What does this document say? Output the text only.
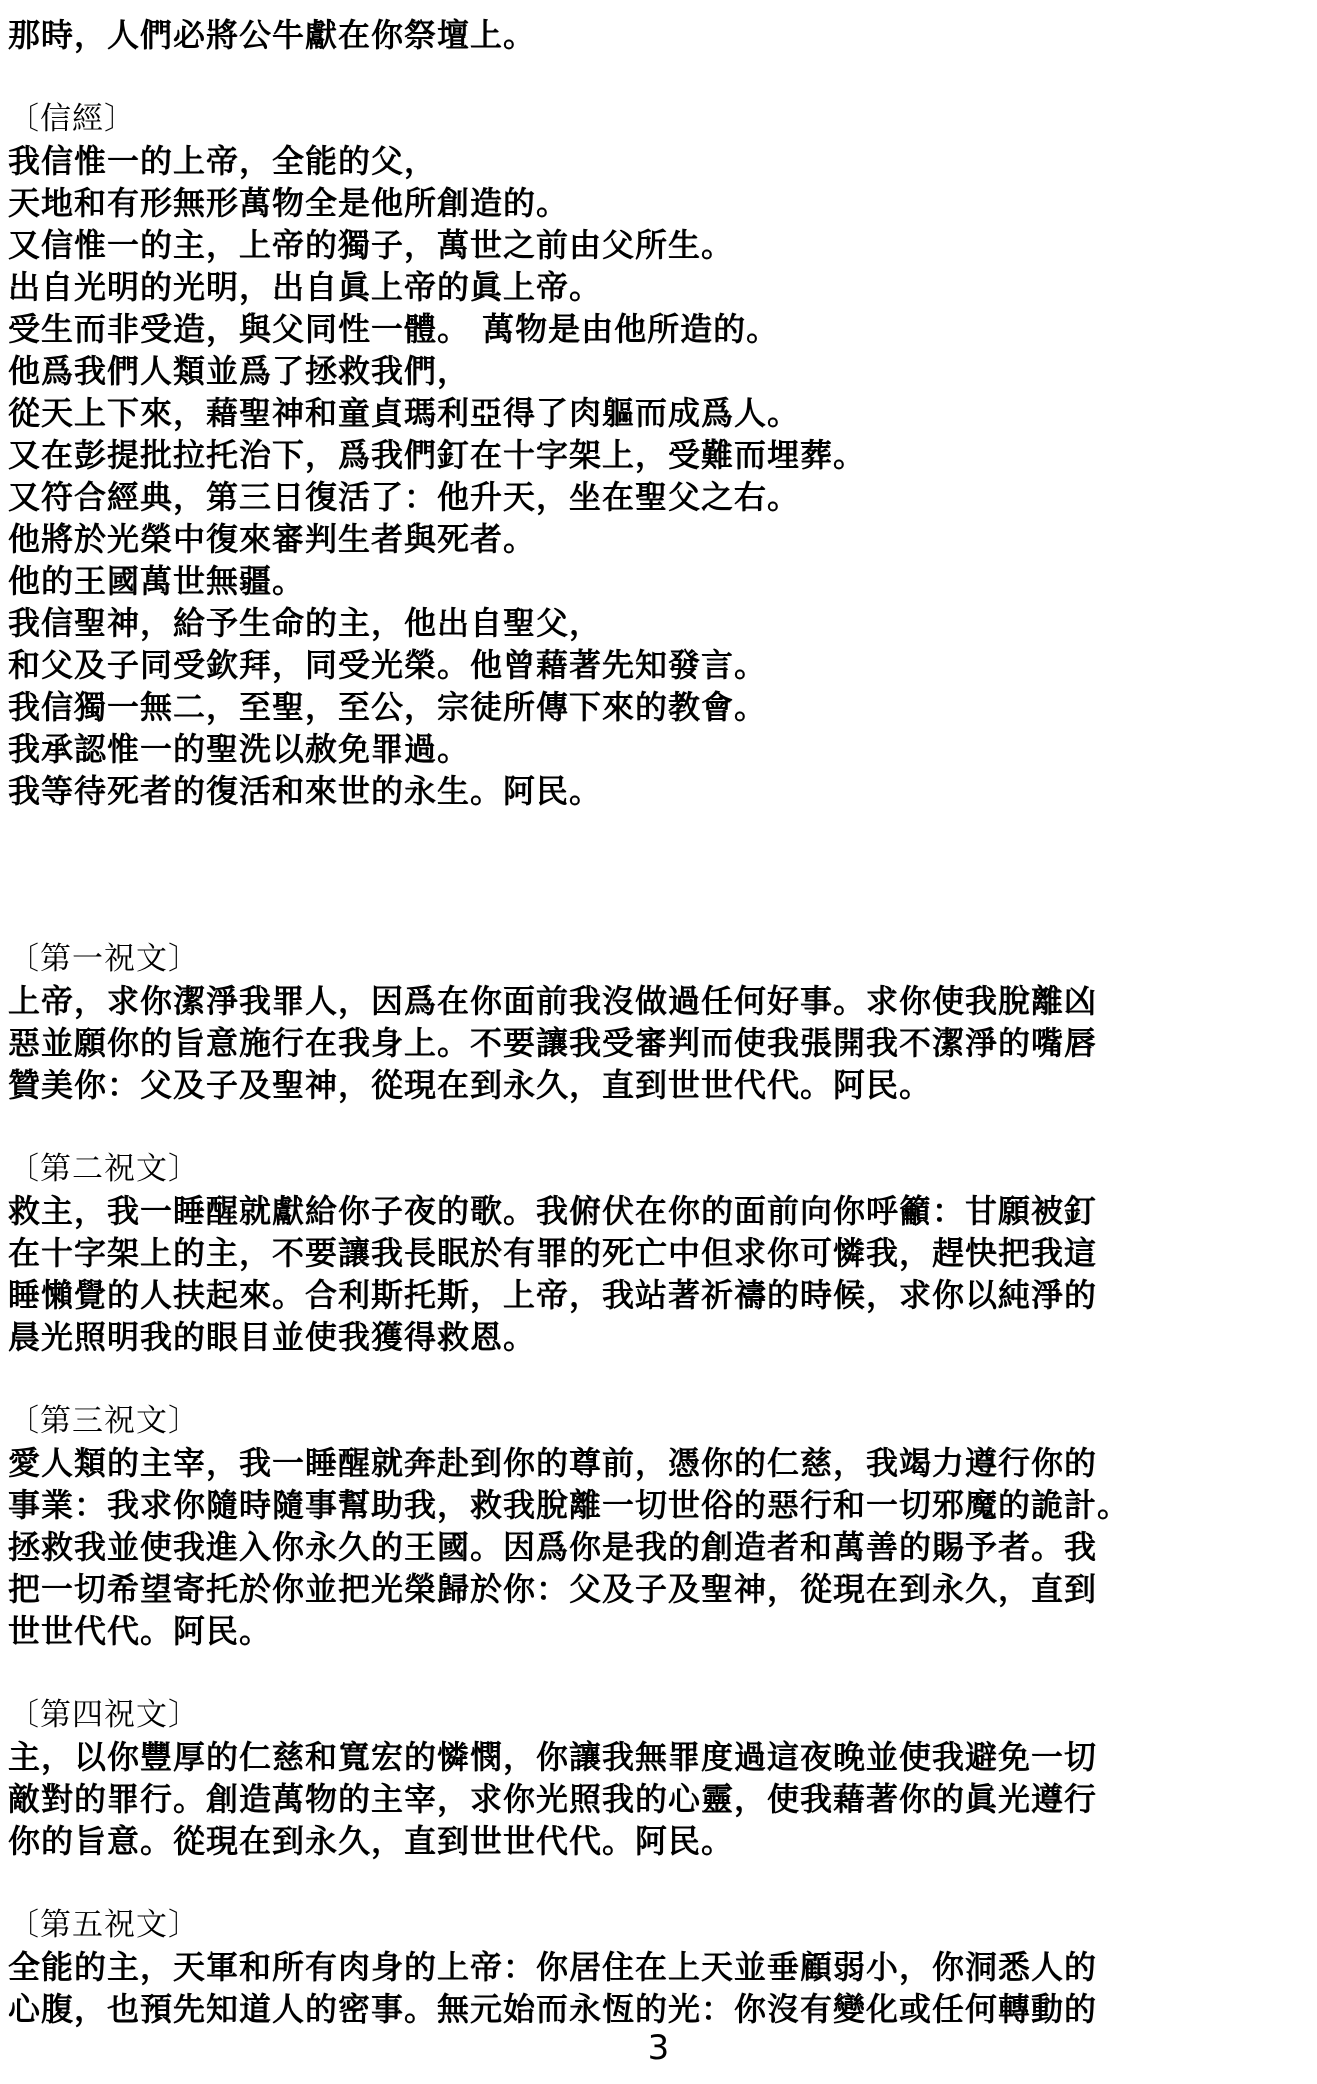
那時，人們必將公牛獻在你祭壇上。
〔信經〕
我信惟一的上帝，全能的父，
天地和有形無形萬物全是他所創造的。
又信惟一的主，上帝的獨子，萬世之前由父所生。
出自光明的光明，出自眞上帝的眞上帝。
受生而非受造，與父同性一體。 萬物是由他所造的。
他爲我們人類並爲了拯救我們，
從天上下來，藉聖神和童貞瑪利亞得了肉軀而成爲人。
又在彭提批拉托治下，爲我們釘在十字架上，受難而埋葬。
又符合經典，第三日復活了：他升天，坐在聖父之右。
他將於光榮中復來審判生者與死者。
他的王國萬世無疆。
我信聖神，給予生命的主，他出自聖父，
和父及子同受欽拜，同受光榮。他曾藉著先知發言。
我信獨一無二，至聖，至公，宗徒所傳下來的教會。
我承認惟一的聖洗以赦免罪過。
我等待死者的復活和來世的永生。阿民。
〔第一祝文〕
上帝，求你潔淨我罪人，因爲在你面前我沒做過任何好事。求你使我脫離凶
惡並願你的旨意施行在我身上。不要讓我受審判而使我張開我不潔淨的嘴唇
贊美你：父及子及聖神，從現在到永久，直到世世代代。阿民。
〔第二祝文〕
救主，我一睡醒就獻給你子夜的歌。我俯伏在你的面前向你呼籲：甘願被釘
在十字架上的主，不要讓我長眠於有罪的死亡中但求你可憐我，趕快把我這
睡懶覺的人扶起來。合利斯托斯，上帝，我站著祈禱的時候，求你以純淨的
晨光照明我的眼目並使我獲得救恩。
〔第三祝文〕
愛人類的主宰，我一睡醒就奔赴到你的尊前，憑你的仁慈，我竭力遵行你的
事業：我求你隨時隨事幫助我，救我脫離一切世俗的惡行和一切邪魔的詭計。
拯救我並使我進入你永久的王國。因爲你是我的創造者和萬善的賜予者。我
把一切希望寄托於你並把光榮歸於你：父及子及聖神，從現在到永久，直到
世世代代。阿民。
〔第四祝文〕
主，以你豐厚的仁慈和寬宏的憐憫，你讓我無罪度過這夜晚並使我避免一切
敵對的罪行。創造萬物的主宰，求你光照我的心靈，使我藉著你的眞光遵行
你的旨意。從現在到永久，直到世世代代。阿民。
〔第五祝文〕
全能的主，天軍和所有肉身的上帝：你居住在上天並垂顧弱小，你洞悉人的
心腹，也預先知道人的密事。無元始而永恆的光：你沒有變化或任何轉動的
3
